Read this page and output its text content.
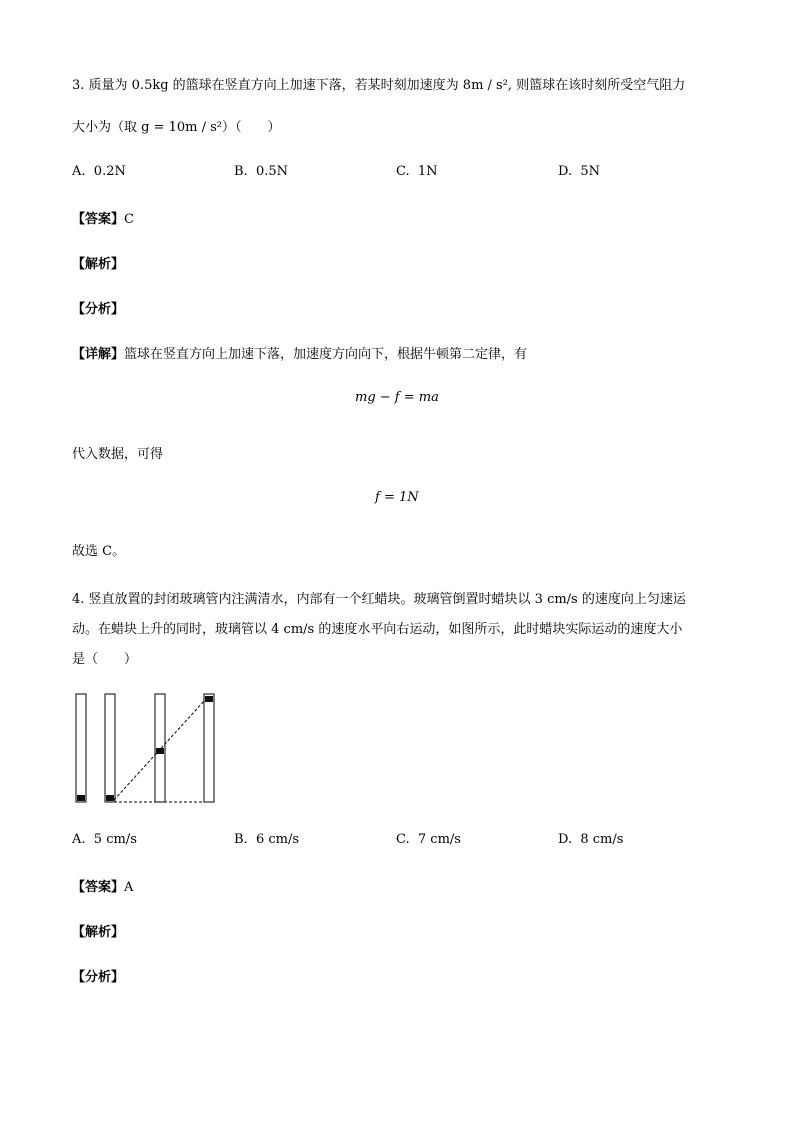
3. 质量为 0.5kg 的篮球在竖直方向上加速下落，若某时刻加速度为 8m / s², 则篮球在该时刻所受空气阻力
大小为（取 g = 10m / s²）（　　）
A. 0.2N	B. 0.5N	C. 1N	D. 5N
【答案】C
【解析】
【分析】
【详解】篮球在竖直方向上加速下落，加速度方向向下，根据牛顿第二定律，有
mg − f = ma
代入数据，可得
f = 1N
故选 C。
4. 竖直放置的封闭玻璃管内注满清水，内部有一个红蜡块。玻璃管倒置时蜡块以 3 cm/s 的速度向上匀速运
动。在蜡块上升的同时，玻璃管以 4 cm/s 的速度水平向右运动，如图所示，此时蜡块实际运动的速度大小
是（　　）
A. 5 cm/s	B. 6 cm/s	C. 7 cm/s	D. 8 cm/s
【答案】A
【解析】
【分析】
